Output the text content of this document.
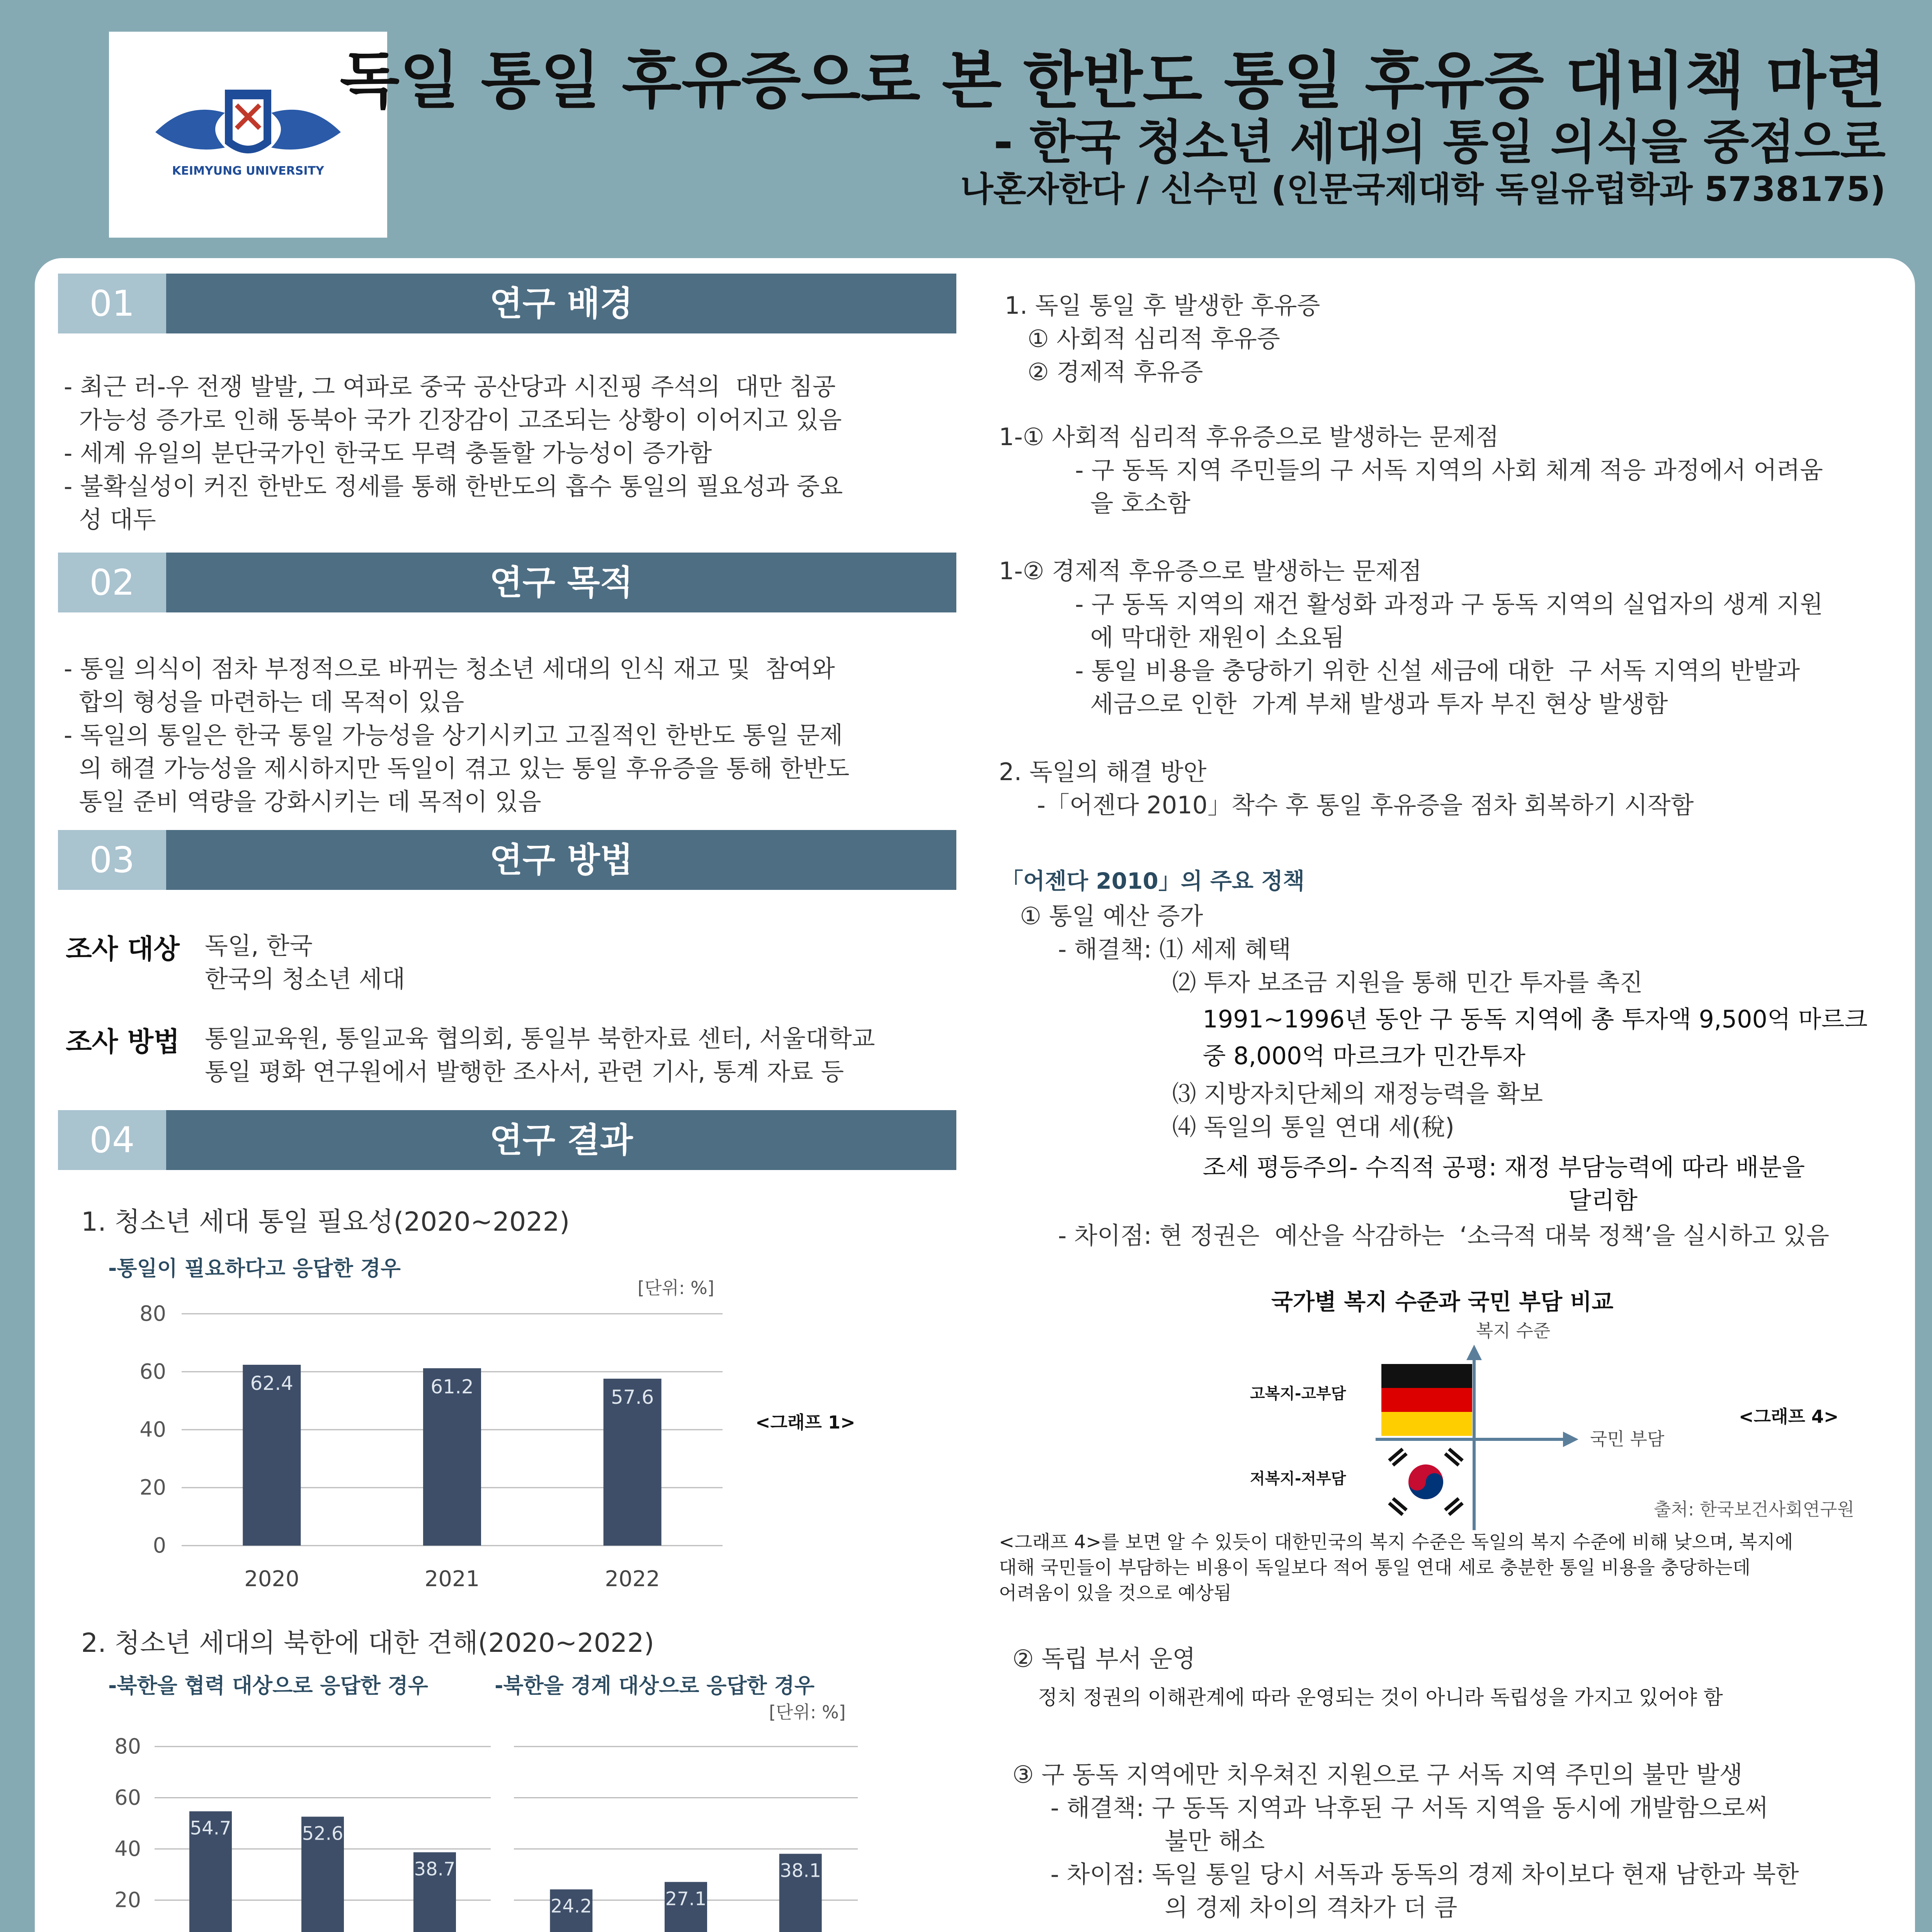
KEIMYUNG UNIVERSITY
독일 통일 후유증으로 본 한반도 통일 후유증 대비책 마련
- 한국 청소년 세대의 통일 의식을 중점으로
나혼자한다 / 신수민 (인문국제대학 독일유럽학과 5738175)
01	연구 배경
- 최근 러-우 전쟁 발발, 그 여파로 중국 공산당과 시진핑 주석의  대만 침공
가능성 증가로 인해 동북아 국가 긴장감이 고조되는 상황이 이어지고 있음
- 세계 유일의 분단국가인 한국도 무력 충돌할 가능성이 증가함
- 불확실성이 커진 한반도 정세를 통해 한반도의 흡수 통일의 필요성과 중요
성 대두
02	연구 목적
- 통일 의식이 점차 부정적으로 바뀌는 청소년 세대의 인식 재고 및  참여와
합의 형성을 마련하는 데 목적이 있음
- 독일의 통일은 한국 통일 가능성을 상기시키고 고질적인 한반도 통일 문제
의 해결 가능성을 제시하지만 독일이 겪고 있는 통일 후유증을 통해 한반도
통일 준비 역량을 강화시키는 데 목적이 있음
03	연구 방법
조사 대상 독일, 한국
한국의 청소년 세대
조사 방법 통일교육원, 통일교육 협의회, 통일부 북한자료 센터, 서울대학교
통일 평화 연구원에서 발행한 조사서, 관련 기사, 통계 자료 등
04	연구 결과
1. 청소년 세대 통일 필요성(2020~2022)
-통일이 필요하다고 응답한 경우
[단위: %]
0
20
40
60
80
62.4
2020
61.2
2021
57.6
2022
<그래프 1>
2. 청소년 세대의 북한에 대한 견해(2020~2022)
-북한을 협력 대상으로 응답한 경우	-북한을 경계 대상으로 응답한 경우
[단위: %]
20
40
60
80
54.7	52.6
38.7
24.2	27.1
38.1
1. 독일 통일 후 발생한 후유증
① 사회적 심리적 후유증
② 경제적 후유증
1-① 사회적 심리적 후유증으로 발생하는 문제점
- 구 동독 지역 주민들의 구 서독 지역의 사회 체계 적응 과정에서 어려움
을 호소함
1-② 경제적 후유증으로 발생하는 문제점
- 구 동독 지역의 재건 활성화 과정과 구 동독 지역의 실업자의 생계 지원
에 막대한 재원이 소요됨
- 통일 비용을 충당하기 위한 신설 세금에 대한  구 서독 지역의 반발과
세금으로 인한  가계 부채 발생과 투자 부진 현상 발생함
2. 독일의 해결 방안
-「어젠다 2010」착수 후 통일 후유증을 점차 회복하기 시작함
「어젠다 2010」의 주요 정책
① 통일 예산 증가
- 해결책: ⑴ 세제 혜택
⑵ 투자 보조금 지원을 통해 민간 투자를 촉진
1991~1996년 동안 구 동독 지역에 총 투자액 9,500억 마르크
중 8,000억 마르크가 민간투자
⑶ 지방자치단체의 재정능력을 확보
⑷ 독일의 통일 연대 세(稅)
조세 평등주의- 수직적 공평: 재정 부담능력에 따라 배분을
달리함
- 차이점: 현 정권은  예산을 삭감하는  ‘소극적 대북 정책’을 실시하고 있음
국가별 복지 수준과 국민 부담 비교
복지 수준
국민 부담
고복지-고부담
저복지-저부담
<그래프 4>
출처: 한국보건사회연구원
<그래프 4>를 보면 알 수 있듯이 대한민국의 복지 수준은 독일의 복지 수준에 비해 낮으며, 복지에
대해 국민들이 부담하는 비용이 독일보다 적어 통일 연대 세로 충분한 통일 비용을 충당하는데
어려움이 있을 것으로 예상됨
② 독립 부서 운영
정치 정권의 이해관계에 따라 운영되는 것이 아니라 독립성을 가지고 있어야 함
③ 구 동독 지역에만 치우쳐진 지원으로 구 서독 지역 주민의 불만 발생
- 해결책: 구 동독 지역과 낙후된 구 서독 지역을 동시에 개발함으로써
불만 해소
- 차이점: 독일 통일 당시 서독과 동독의 경제 차이보다 현재 남한과 북한
의 경제 차이의 격차가 더 큼
